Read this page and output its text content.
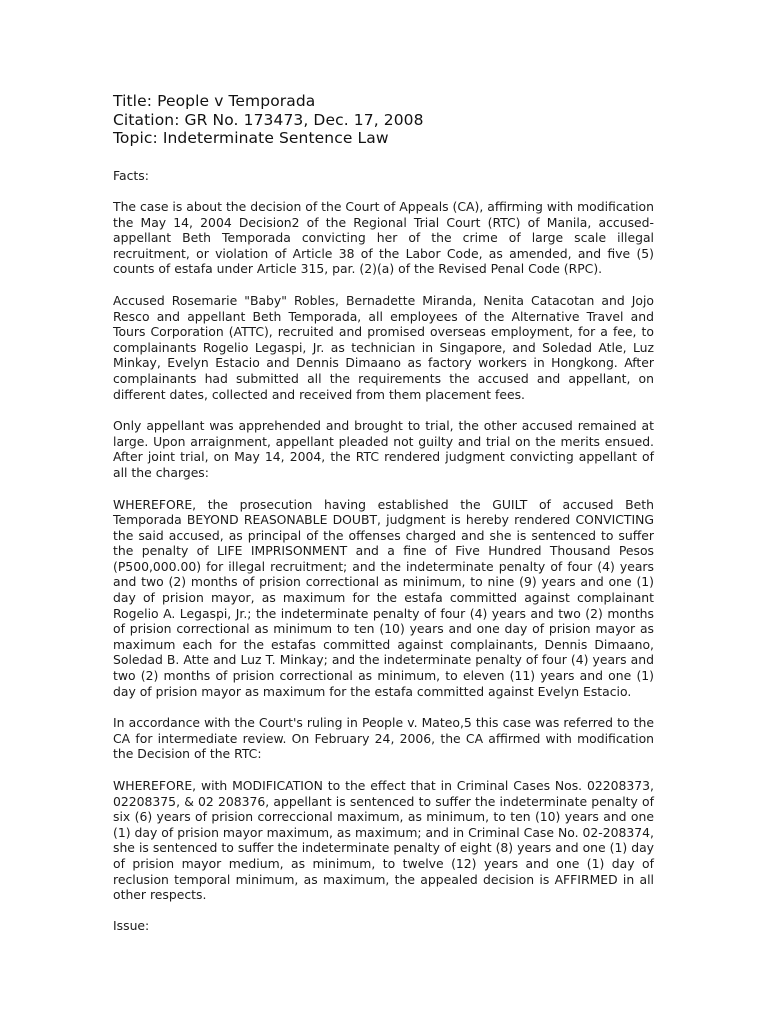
Title: People v Temporada
Citation: GR No. 173473, Dec. 17, 2008
Topic: Indeterminate Sentence Law
Facts:
The case is about the decision of the Court of Appeals (CA), affirming with modification the May 14, 2004 Decision2 of the Regional Trial Court (RTC) of Manila, accused-appellant Beth Temporada convicting her of the crime of large scale illegal recruitment, or violation of Article 38 of the Labor Code, as amended, and five (5) counts of estafa under Article 315, par. (2)(a) of the Revised Penal Code (RPC).
Accused Rosemarie "Baby" Robles, Bernadette Miranda, Nenita Catacotan and Jojo Resco and appellant Beth Temporada, all employees of the Alternative Travel and Tours Corporation (ATTC), recruited and promised overseas employment, for a fee, to complainants Rogelio Legaspi, Jr. as technician in Singapore, and Soledad Atle, Luz Minkay, Evelyn Estacio and Dennis Dimaano as factory workers in Hongkong. After complainants had submitted all the requirements the accused and appellant, on different dates, collected and received from them placement fees.
Only appellant was apprehended and brought to trial, the other accused remained at large. Upon arraignment, appellant pleaded not guilty and trial on the merits ensued. After joint trial, on May 14, 2004, the RTC rendered judgment convicting appellant of all the charges:
WHEREFORE, the prosecution having established the GUILT of accused Beth Temporada BEYOND REASONABLE DOUBT, judgment is hereby rendered CONVICTING the said accused, as principal of the offenses charged and she is sentenced to suffer the penalty of LIFE IMPRISONMENT and a fine of Five Hundred Thousand Pesos (P500,000.00) for illegal recruitment; and the indeterminate penalty of four (4) years and two (2) months of prision correctional as minimum, to nine (9) years and one (1) day of prision mayor, as maximum for the estafa committed against complainant Rogelio A. Legaspi, Jr.; the indeterminate penalty of four (4) years and two (2) months of prision correctional as minimum to ten (10) years and one day of prision mayor as maximum each for the estafas committed against complainants, Dennis Dimaano, Soledad B. Atte and Luz T. Minkay; and the indeterminate penalty of four (4) years and two (2) months of prision correctional as minimum, to eleven (11) years and one (1) day of prision mayor as maximum for the estafa committed against Evelyn Estacio.
In accordance with the Court's ruling in People v. Mateo,5 this case was referred to the CA for intermediate review. On February 24, 2006, the CA affirmed with modification the Decision of the RTC:
WHEREFORE, with MODIFICATION to the effect that in Criminal Cases Nos. 02208373, 02208375, & 02 208376, appellant is sentenced to suffer the indeterminate penalty of six (6) years of prision correccional maximum, as minimum, to ten (10) years and one (1) day of prision mayor maximum, as maximum; and in Criminal Case No. 02-208374, she is sentenced to suffer the indeterminate penalty of eight (8) years and one (1) day of prision mayor medium, as minimum, to twelve (12) years and one (1) day of reclusion temporal minimum, as maximum, the appealed decision is AFFIRMED in all other respects.
Issue:
